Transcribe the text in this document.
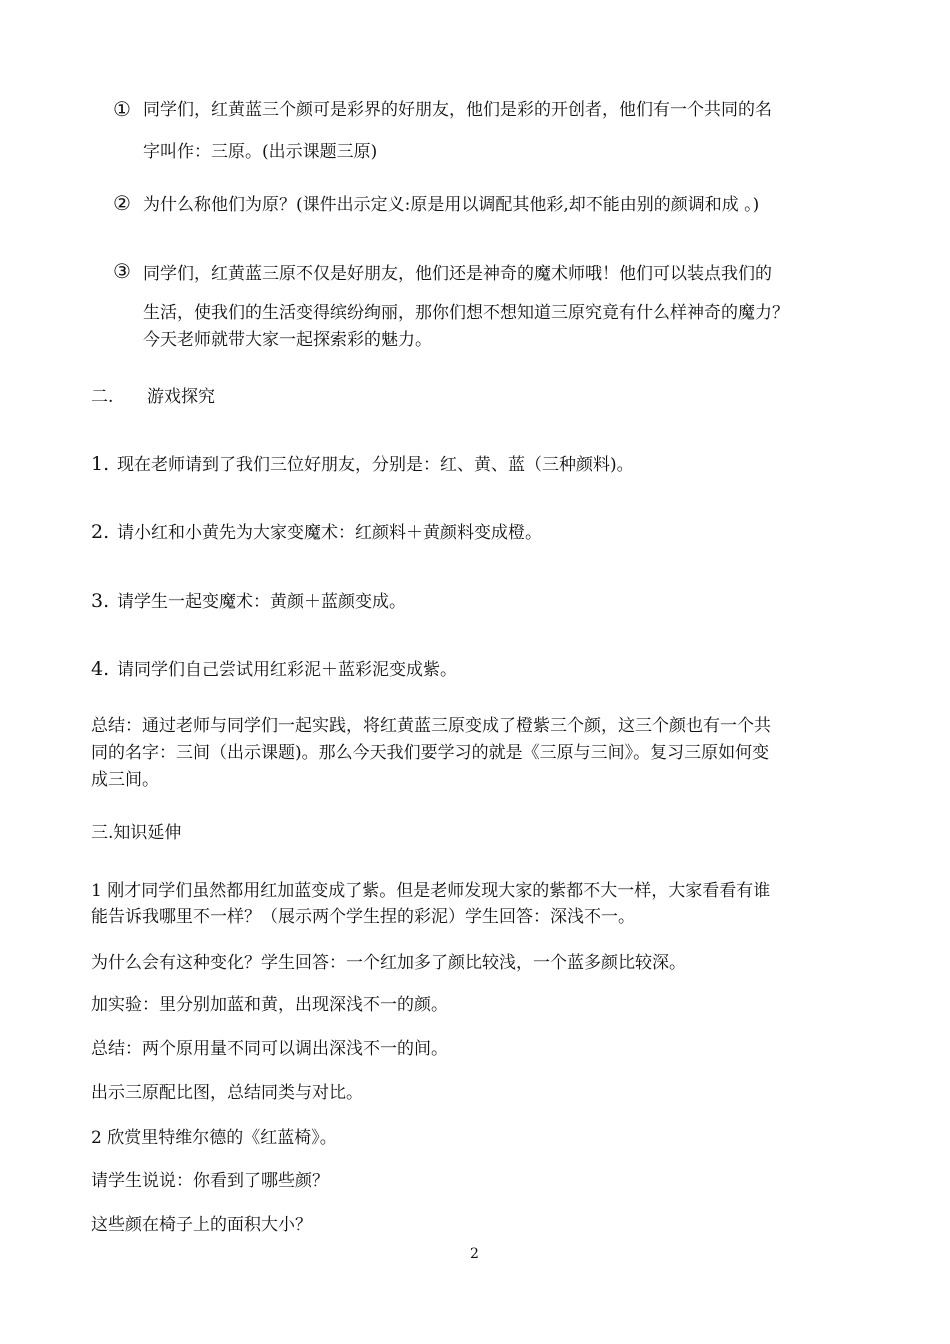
① 同学们，红黄蓝三个颜可是彩界的好朋友，他们是彩的开创者，他们有一个共同的名
字叫作：三原。(出示课题三原)
② 为什么称他们为原？(课件出示定义:原是用以调配其他彩,却不能由别的颜调和成 。)
③ 同学们，红黄蓝三原不仅是好朋友，他们还是神奇的魔术师哦！他们可以装点我们的
生活，使我们的生活变得缤纷绚丽，那你们想不想知道三原究竟有什么样神奇的魔力？
今天老师就带大家一起探索彩的魅力。
二. 游戏探究
1. 现在老师请到了我们三位好朋友，分别是：红、黄、蓝（三种颜料)。
2. 请小红和小黄先为大家变魔术：红颜料＋黄颜料变成橙。
3. 请学生一起变魔术：黄颜＋蓝颜变成。
4. 请同学们自己尝试用红彩泥＋蓝彩泥变成紫。
总结：通过老师与同学们一起实践，将红黄蓝三原变成了橙紫三个颜，这三个颜也有一个共
同的名字：三间（出示课题)。那么今天我们要学习的就是《三原与三间》。复习三原如何变
成三间。
三.知识延伸
1 刚才同学们虽然都用红加蓝变成了紫。但是老师发现大家的紫都不大一样，大家看看有谁
能告诉我哪里不一样？（展示两个学生捏的彩泥）学生回答：深浅不一。
为什么会有这种变化？学生回答：一个红加多了颜比较浅，一个蓝多颜比较深。
加实验：里分别加蓝和黄，出现深浅不一的颜。
总结：两个原用量不同可以调出深浅不一的间。
出示三原配比图，总结同类与对比。
2 欣赏里特维尔德的《红蓝椅》。
请学生说说：你看到了哪些颜？
这些颜在椅子上的面积大小？
2
